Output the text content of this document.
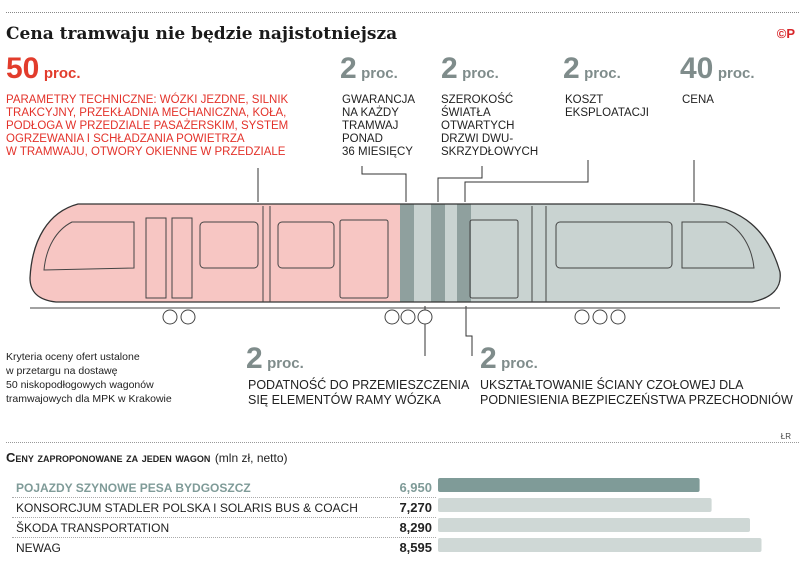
Cena tramwaju nie będzie najistotniejsza	©P
50 proc.	2 proc. 2 proc. 2 proc. 40 proc.
PARAMETRY TECHNICZNE: WÓZKI JEZDNE, SILNIK
TRAKCYJNY, PRZEKŁADNIA MECHANICZNA, KOŁA,
PODŁOGA W PRZEDZIALE PASAŻERSKIM, SYSTEM
OGRZEWANIA I SCHŁADZANIA POWIETRZA
W TRAMWAJU, OTWORY OKIENNE W PRZEDZIALE
GWARANCJA
NA KAŻDY
TRAMWAJ
PONAD
36 MIESIĘCY
SZEROKOŚĆ
ŚWIATŁA
OTWARTYCH
DRZWI DWU-
SKRZYDŁOWYCH
KOSZT
EKSPLOATACJI
CENA
Kryteria oceny ofert ustalone
w przetargu na dostawę
50 niskopodłogowych wagonów
tramwajowych dla MPK w Krakowie
2 proc.
PODATNOŚĆ DO PRZEMIESZCZENIA
SIĘ ELEMENTÓW RAMY WÓZKA
2 proc.
UKSZTAŁTOWANIE ŚCIANY CZOŁOWEJ DLA
PODNIESIENIA BEZPIECZEŃSTWA PRZECHODNIÓW
ŁR
Ceny zaproponowane za jeden wagon (mln zł, netto)
POJAZDY SZYNOWE PESA BYDGOSZCZ	6,950
KONSORCJUM STADLER POLSKA I SOLARIS BUS & COACH	7,270
ŠKODA TRANSPORTATION	8,290
NEWAG	8,595
